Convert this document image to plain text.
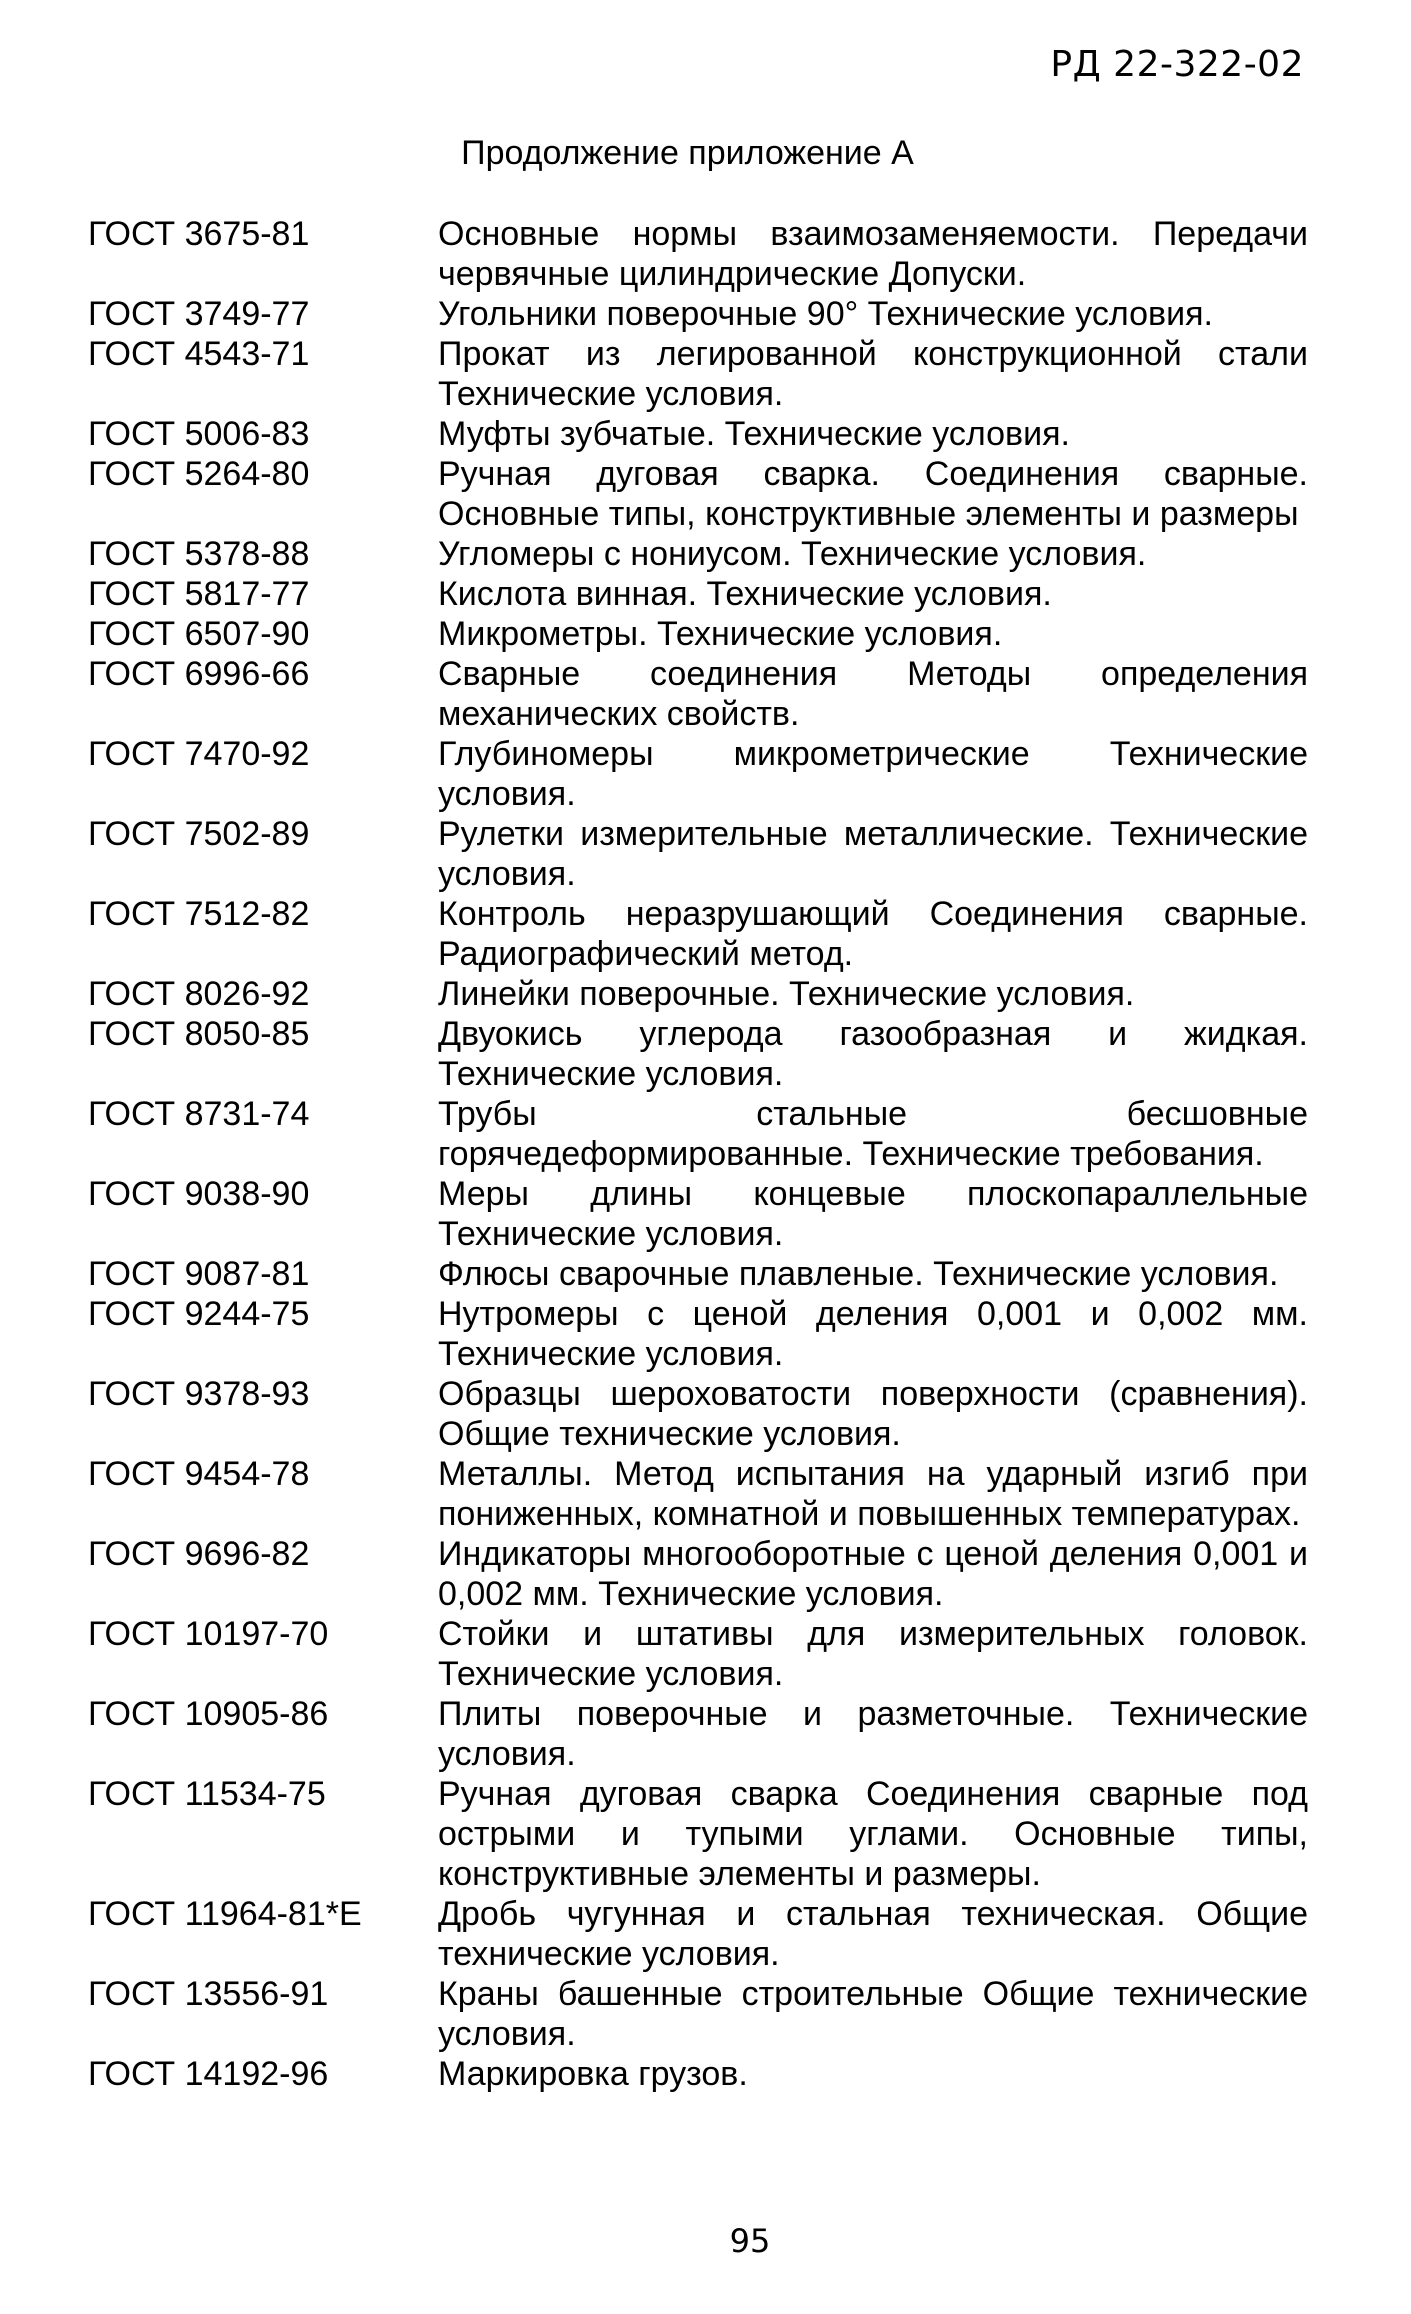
РД 22-322-02
Продолжение приложение А
ГОСТ 3675-81	Основные нормы взаимозаменяемости. Передачи червячные цилиндрические Допуски.
ГОСТ 3749-77	Угольники поверочные 90° Технические условия.
ГОСТ 4543-71	Прокат из легированной конструкционной стали Технические условия.
ГОСТ 5006-83	Муфты зубчатые. Технические условия.
ГОСТ 5264-80	Ручная дуговая сварка. Соединения сварные. Основные типы, конструктивные элементы и размеры
ГОСТ 5378-88	Угломеры с нониусом. Технические условия.
ГОСТ 5817-77	Кислота винная. Технические условия.
ГОСТ 6507-90	Микрометры. Технические условия.
ГОСТ 6996-66	Сварные соединения Методы определения механических свойств.
ГОСТ 7470-92	Глубиномеры микрометрические Технические условия.
ГОСТ 7502-89	Рулетки измерительные металлические. Технические условия.
ГОСТ 7512-82	Контроль неразрушающий Соединения сварные. Радиографический метод.
ГОСТ 8026-92	Линейки поверочные. Технические условия.
ГОСТ 8050-85	Двуокись углерода газообразная и жидкая. Технические условия.
ГОСТ 8731-74	Трубы стальные бесшовные горячедеформированные. Технические требования.
ГОСТ 9038-90	Меры длины концевые плоскопараллельные Технические условия.
ГОСТ 9087-81	Флюсы сварочные плавленые. Технические условия.
ГОСТ 9244-75	Нутромеры с ценой деления 0,001 и 0,002 мм. Технические условия.
ГОСТ 9378-93	Образцы шероховатости поверхности (сравнения). Общие технические условия.
ГОСТ 9454-78	Металлы. Метод испытания на ударный изгиб при пониженных, комнатной и повышенных температурах.
ГОСТ 9696-82	Индикаторы многооборотные с ценой деления 0,001 и 0,002 мм. Технические условия.
ГОСТ 10197-70	Стойки и штативы для измерительных головок. Технические условия.
ГОСТ 10905-86	Плиты поверочные и разметочные. Технические условия.
ГОСТ 11534-75	Ручная дуговая сварка Соединения сварные под острыми и тупыми углами. Основные типы, конструктивные элементы и размеры.
ГОСТ 11964-81*Е	Дробь чугунная и стальная техническая. Общие технические условия.
ГОСТ 13556-91	Краны башенные строительные Общие технические условия.
ГОСТ 14192-96	Маркировка грузов.
95
